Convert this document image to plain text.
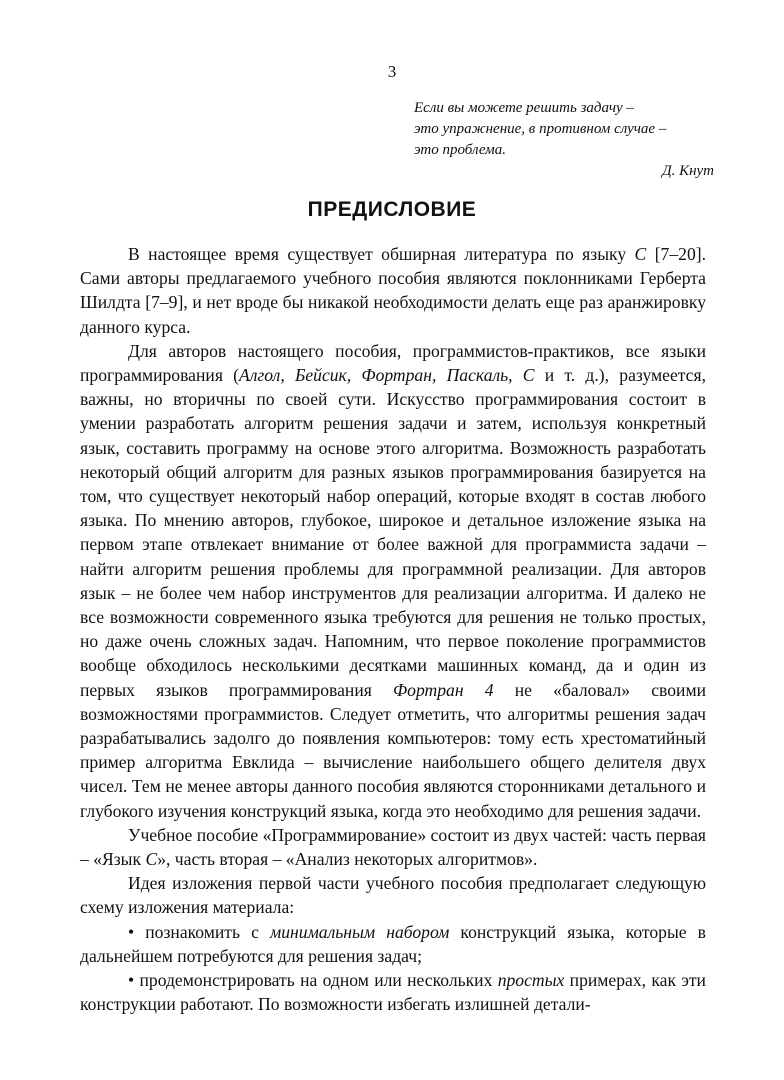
3
Если вы можете решить задачу –
это упражнение, в противном случае –
это проблема.
Д. Кнут
ПРЕДИСЛОВИЕ

В настоящее время существует обширная литература по языку C [7–20]. Сами авторы предлагаемого учебного пособия являются поклонниками Герберта Шилдта [7–9], и нет вроде бы никакой необходимости делать еще раз аранжировку данного курса.

Для авторов настоящего пособия, программистов-практиков, все языки программирования (Алгол, Бейсик, Фортран, Паскаль, C и т. д.), разумеется, важны, но вторичны по своей сути. Искусство программирования состоит в умении разработать алгоритм решения задачи и затем, используя конкретный язык, составить программу на основе этого алгоритма. Возможность разработать некоторый общий алгоритм для разных языков программирования базируется на том, что существует некоторый набор операций, которые входят в состав любого языка. По мнению авторов, глубокое, широкое и детальное изложение языка на первом этапе отвлекает внимание от более важной для программиста задачи – найти алгоритм решения проблемы для программной реализации. Для авторов язык – не более чем набор инструментов для реализации алгоритма. И далеко не все возможности современного языка требуются для решения не только простых, но даже очень сложных задач. Напомним, что первое поколение программистов вообще обходилось несколькими десятками машинных команд, да и один из первых языков программирования Фортран 4 не «баловал» своими возможностями программистов. Следует отметить, что алгоритмы решения задач разрабатывались задолго до появления компьютеров: тому есть хрестоматийный пример алгоритма Евклида – вычисление наибольшего общего делителя двух чисел. Тем не менее авторы данного пособия являются сторонниками детального и глубокого изучения конструкций языка, когда это необходимо для решения задачи.

Учебное пособие «Программирование» состоит из двух частей: часть первая – «Язык C», часть вторая – «Анализ некоторых алгоритмов».

Идея изложения первой части учебного пособия предполагает следующую схему изложения материала:

• познакомить с минимальным набором конструкций языка, которые в дальнейшем потребуются для решения задач;

• продемонстрировать на одном или нескольких простых примерах, как эти конструкции работают. По возможности избегать излишней детали-
